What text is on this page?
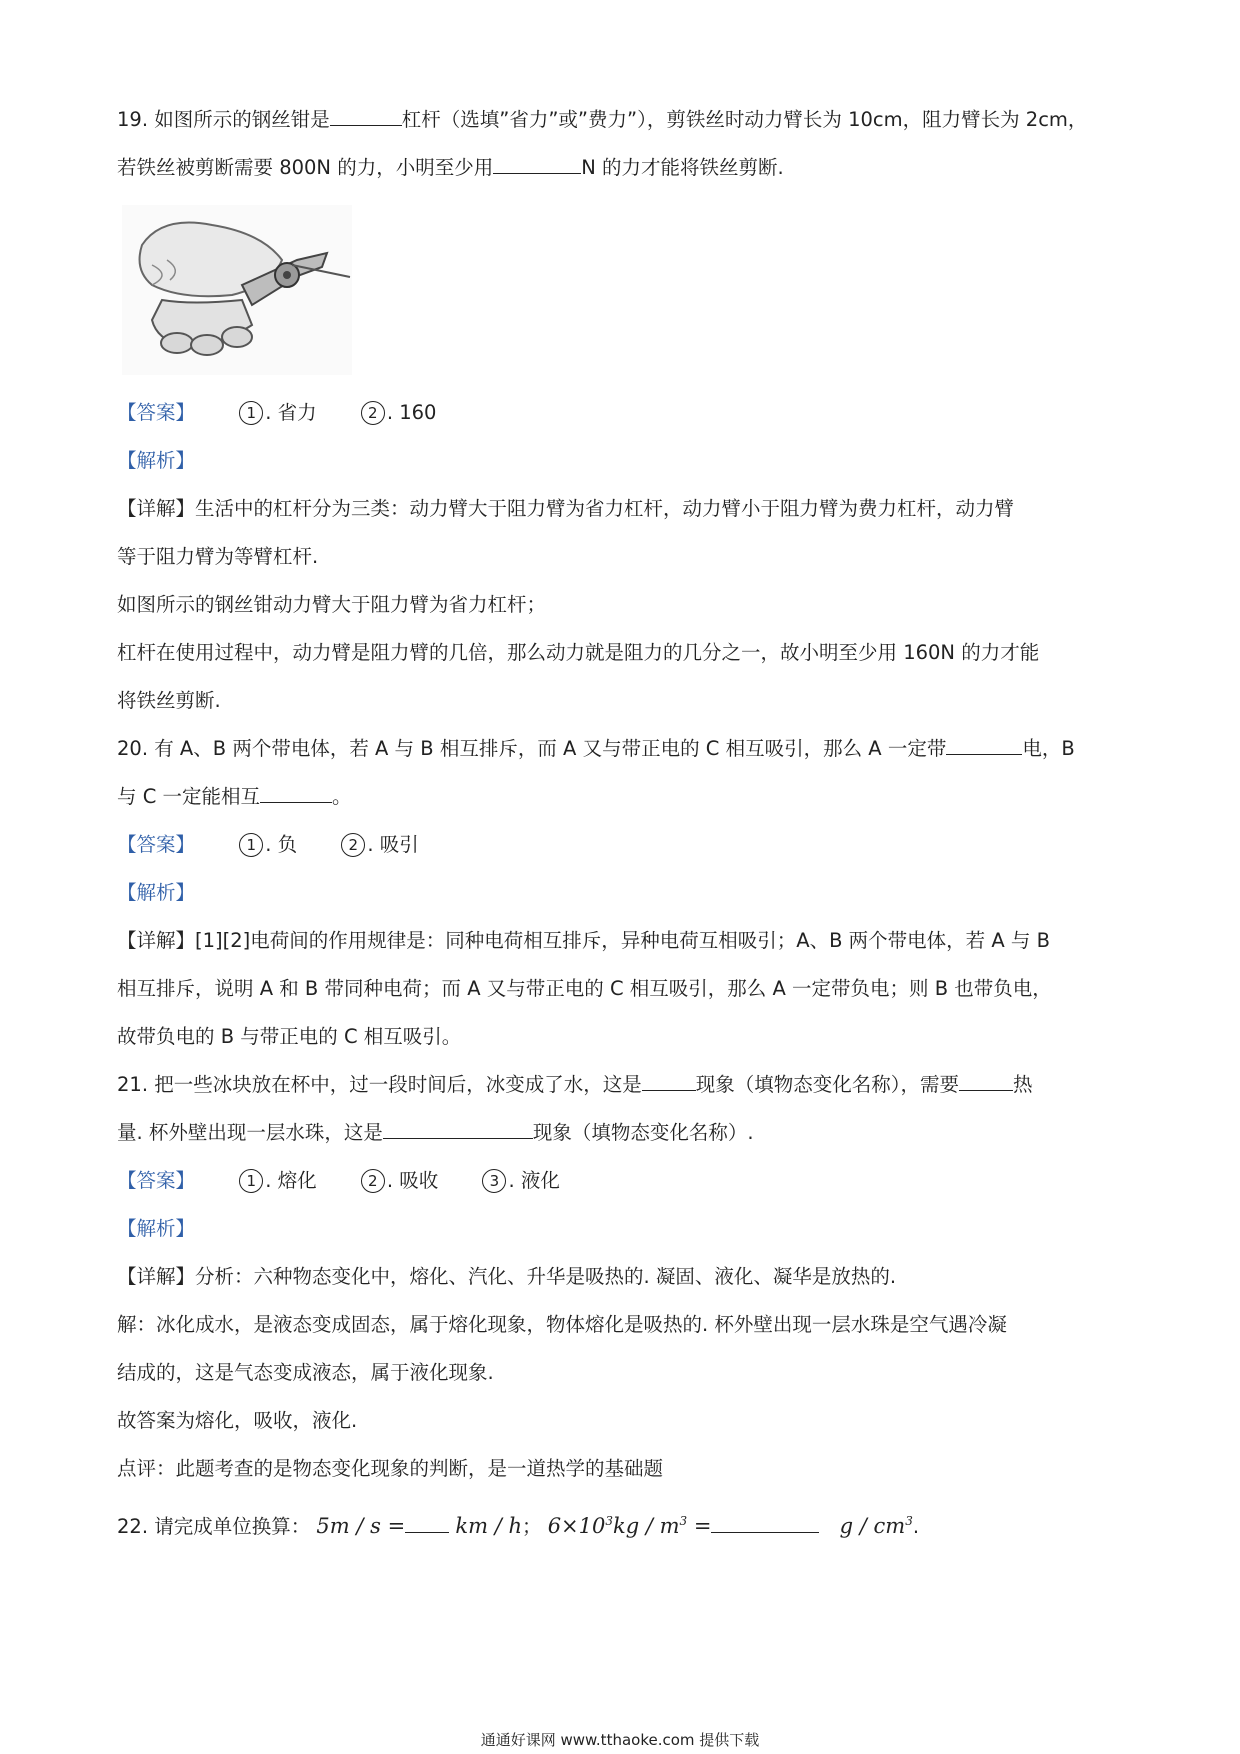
19. 如图所示的钢丝钳是	杠杆（选填”省力”或”费力”），剪铁丝时动力臂长为 10cm，阻力臂长为 2cm，
若铁丝被剪断需要 800N 的力，小明至少用	N 的力才能将铁丝剪断.
【答案】	1 . 省力	2 . 160
【解析】
【详解】生活中的杠杆分为三类：动力臂大于阻力臂为省力杠杆，动力臂小于阻力臂为费力杠杆，动力臂
等于阻力臂为等臂杠杆.
如图所示的钢丝钳动力臂大于阻力臂为省力杠杆；
杠杆在使用过程中，动力臂是阻力臂的几倍，那么动力就是阻力的几分之一，故小明至少用 160N 的力才能
将铁丝剪断.
20. 有 A、B 两个带电体，若 A 与 B 相互排斥，而 A 又与带正电的 C 相互吸引，那么 A 一定带	电，B
与 C 一定能相互	。
【答案】	1 . 负	2 . 吸引
【解析】
【详解】[1][2]电荷间的作用规律是：同种电荷相互排斥，异种电荷互相吸引；A、B 两个带电体，若 A 与 B
相互排斥，说明 A 和 B 带同种电荷；而 A 又与带正电的 C 相互吸引，那么 A 一定带负电；则 B 也带负电，
故带负电的 B 与带正电的 C 相互吸引。
21. 把一些冰块放在杯中，过一段时间后，冰变成了水，这是	现象（填物态变化名称），需要	热
量. 杯外壁出现一层水珠，这是	现象（填物态变化名称）.
【答案】	1 . 熔化	2 . 吸收	3 . 液化
【解析】
【详解】分析：六种物态变化中，熔化、汽化、升华是吸热的. 凝固、液化、凝华是放热的.
解：冰化成水，是液态变成固态，属于熔化现象，物体熔化是吸热的. 杯外壁出现一层水珠是空气遇冷凝
结成的，这是气态变成液态，属于液化现象.
故答案为熔化，吸收，液化.
点评：此题考查的是物态变化现象的判断，是一道热学的基础题
22. 请完成单位换算： 5m / s = km / h； $6\times 10^3kg / m^3$ =	g / $cm^3$.
通通好课网 www.tthaoke.com 提供下载
